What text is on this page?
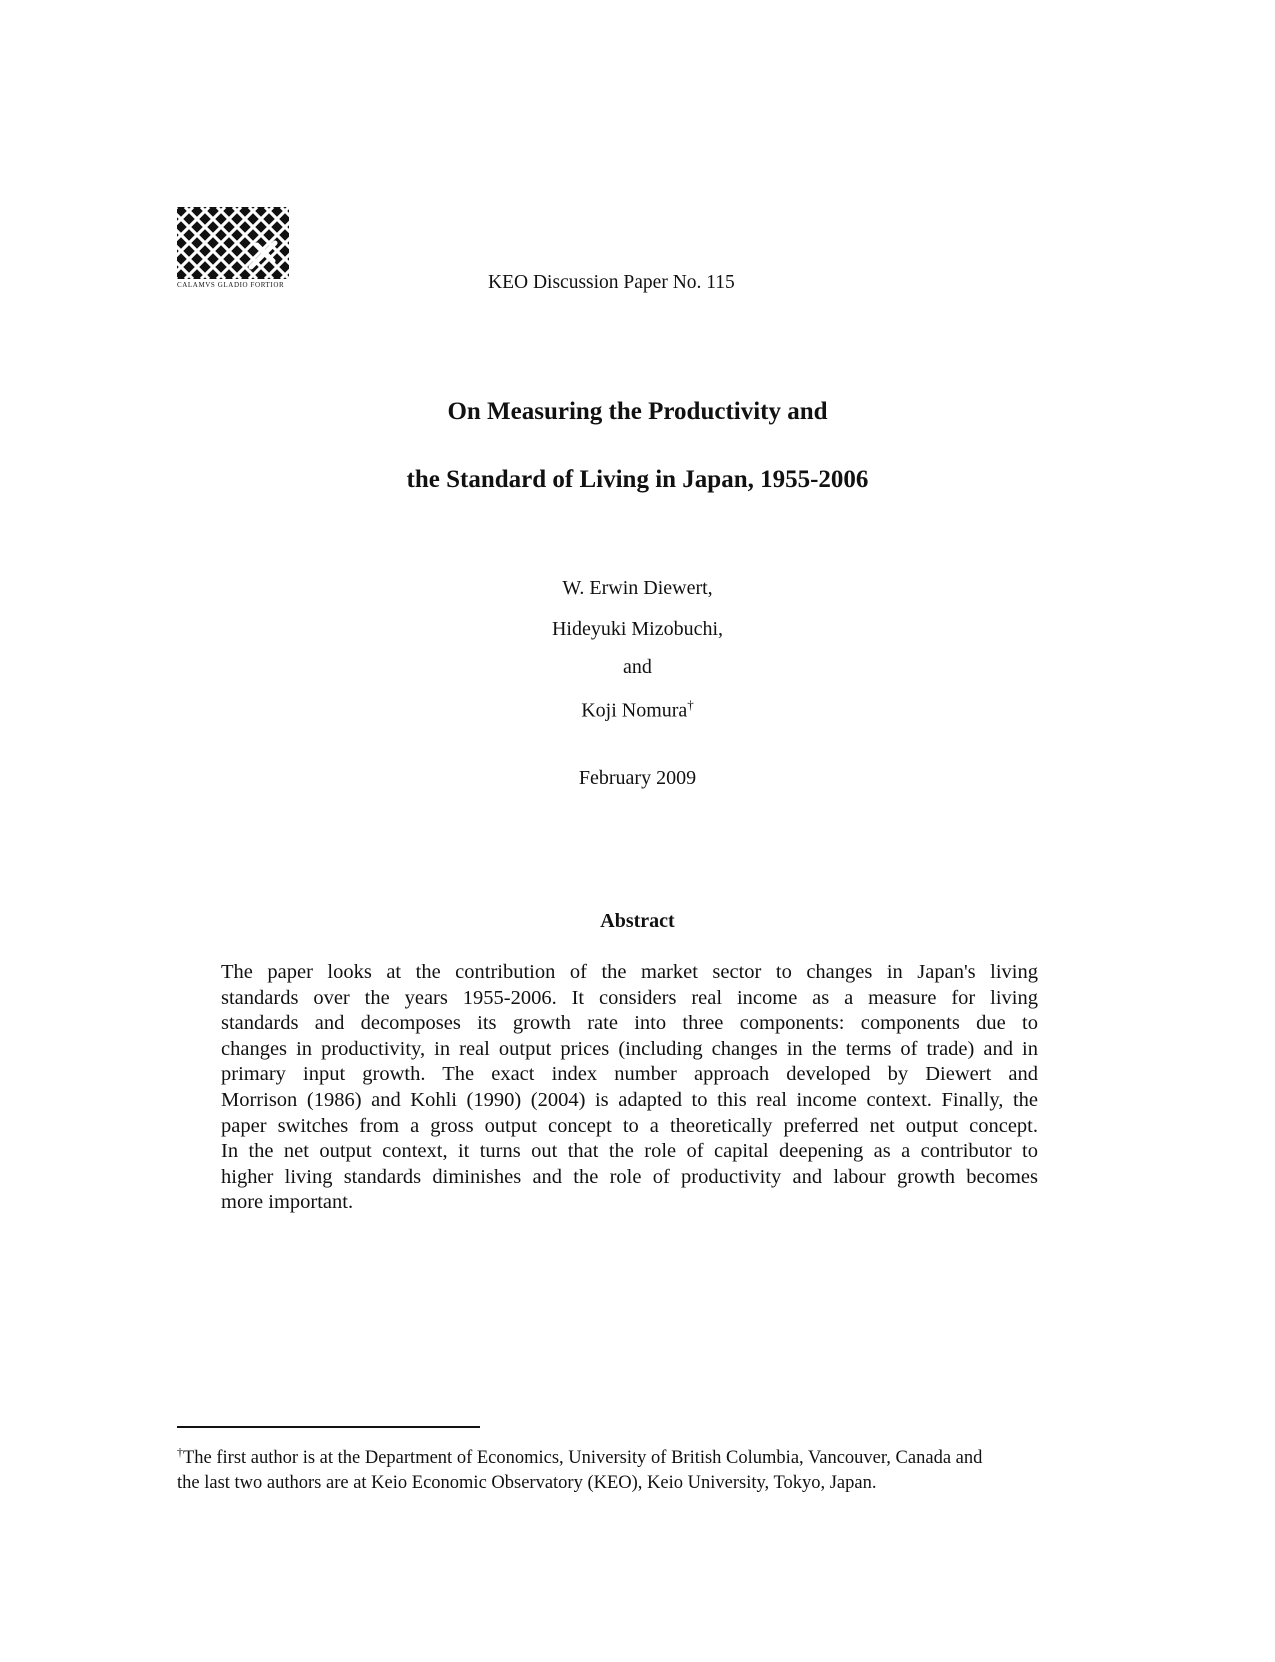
CALAMVS GLADIO FORTIOR	KEO Discussion Paper No. 115
On Measuring the Productivity and
the Standard of Living in Japan, 1955-2006
W. Erwin Diewert,
Hideyuki Mizobuchi,
and
Koji Nomura†
February 2009
Abstract
The paper looks at the contribution of the market sector to changes in Japan's living
standards over the years 1955-2006. It considers real income as a measure for living
standards and decomposes its growth rate into three components: components due to
changes in productivity, in real output prices (including changes in the terms of trade) and in
primary input growth. The exact index number approach developed by Diewert and
Morrison (1986) and Kohli (1990) (2004) is adapted to this real income context. Finally, the
paper switches from a gross output concept to a theoretically preferred net output concept.
In the net output context, it turns out that the role of capital deepening as a contributor to
higher living standards diminishes and the role of productivity and labour growth becomes
more important.
†The first author is at the Department of Economics, University of British Columbia, Vancouver, Canada and
the last two authors are at Keio Economic Observatory (KEO), Keio University, Tokyo, Japan.
